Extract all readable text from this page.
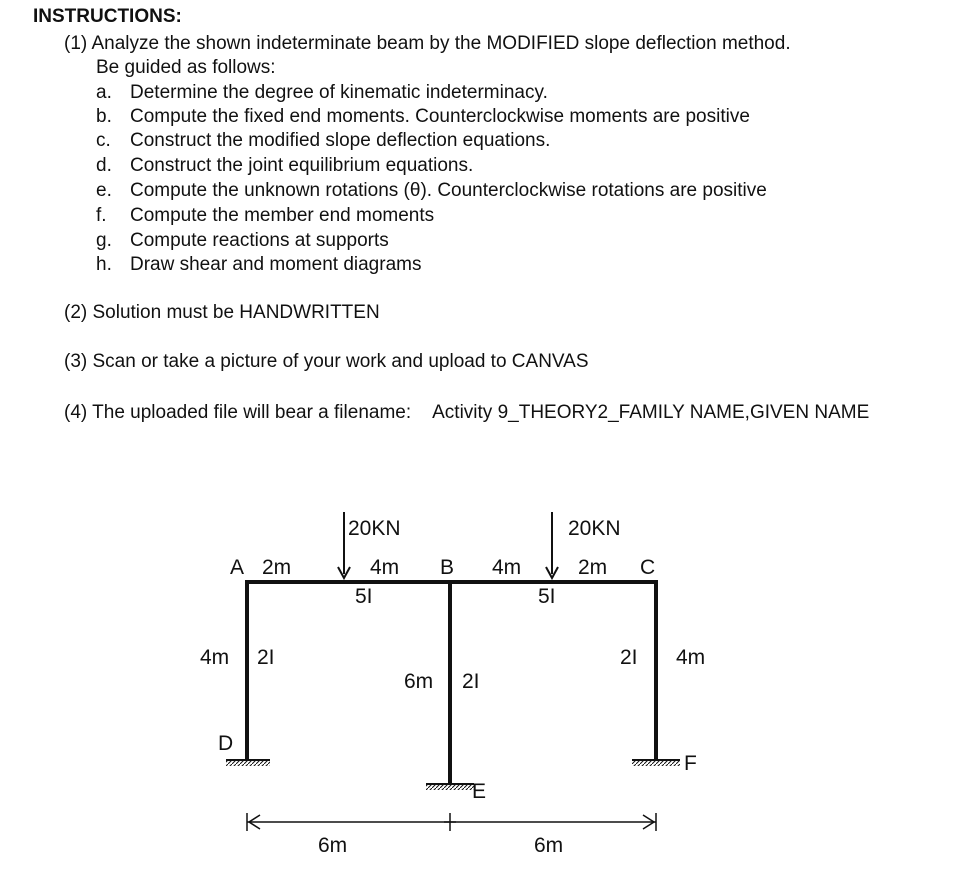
INSTRUCTIONS:
(1) Analyze the shown indeterminate beam by the MODIFIED slope deflection method.
Be guided as follows:
a. Determine the degree of kinematic indeterminacy.
b. Compute the fixed end moments. Counterclockwise moments are positive
c. Construct the modified slope deflection equations.
d. Construct the joint equilibrium equations.
e. Compute the unknown rotations (θ). Counterclockwise rotations are positive
f. Compute the member end moments
g. Compute reactions at supports
h. Draw shear and moment diagrams
(2) Solution must be HANDWRITTEN
(3) Scan or take a picture of your work and upload to CANVAS
(4) The uploaded file will bear a filename: Activity 9_THEORY2_FAMILY NAME,GIVEN NAME
20KN	20KN
A 2m	4m B 4m	2m C
5I	5I
4m 2I
6m 2I
2I 4m
D
E
F
6m	6m
